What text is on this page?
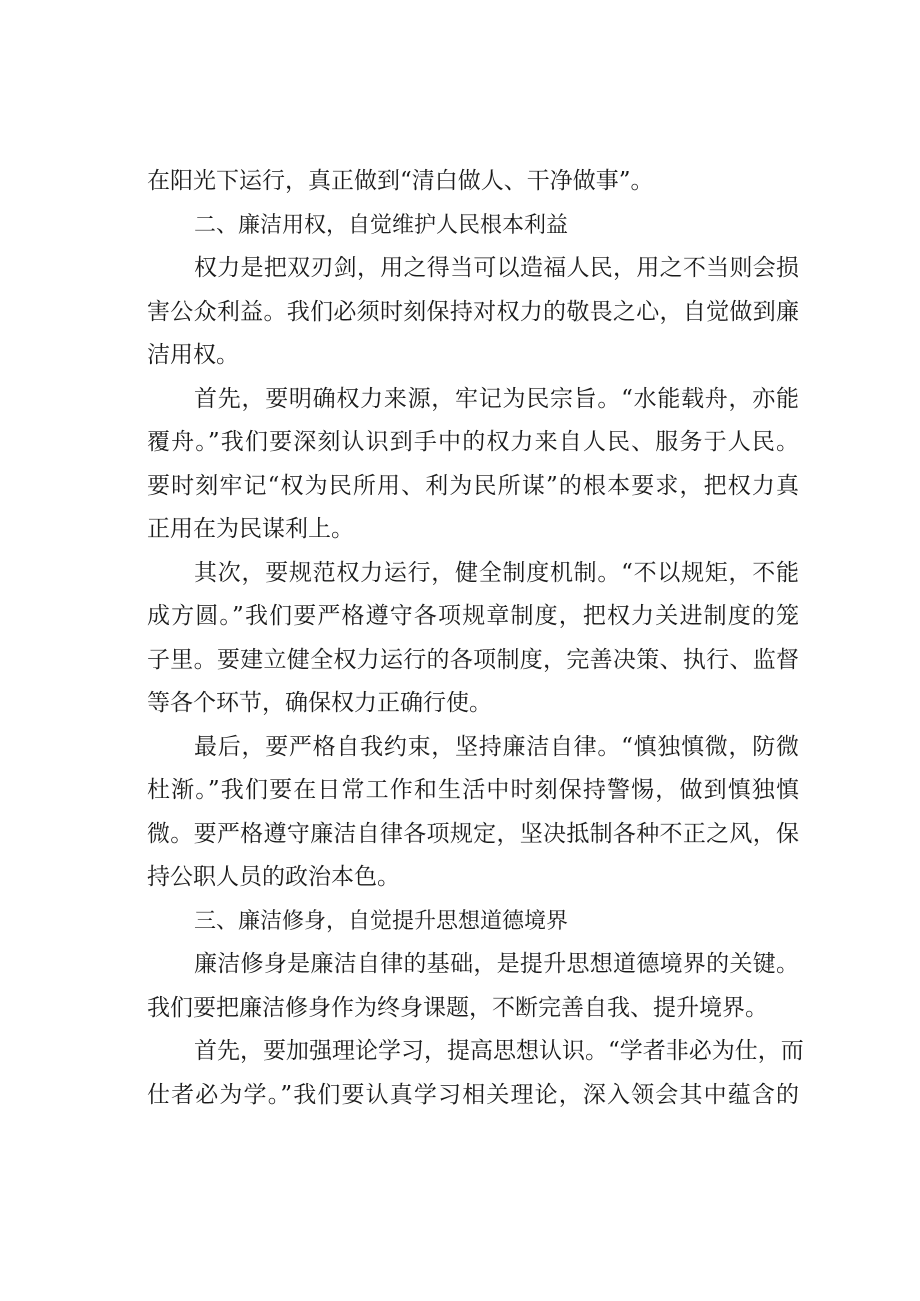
在阳光下运行，真正做到“清白做人、干净做事”。
二、廉洁用权，自觉维护人民根本利益
权力是把双刃剑，用之得当可以造福人民，用之不当则会损
害公众利益。我们必须时刻保持对权力的敬畏之心，自觉做到廉
洁用权。
首先，要明确权力来源，牢记为民宗旨。“水能载舟，亦能
覆舟。”我们要深刻认识到手中的权力来自人民、服务于人民。
要时刻牢记“权为民所用、利为民所谋”的根本要求，把权力真
正用在为民谋利上。
其次，要规范权力运行，健全制度机制。“不以规矩，不能
成方圆。”我们要严格遵守各项规章制度，把权力关进制度的笼
子里。要建立健全权力运行的各项制度，完善决策、执行、监督
等各个环节，确保权力正确行使。
最后，要严格自我约束，坚持廉洁自律。“慎独慎微，防微
杜渐。”我们要在日常工作和生活中时刻保持警惕，做到慎独慎
微。要严格遵守廉洁自律各项规定，坚决抵制各种不正之风，保
持公职人员的政治本色。
三、廉洁修身，自觉提升思想道德境界
廉洁修身是廉洁自律的基础，是提升思想道德境界的关键。
我们要把廉洁修身作为终身课题，不断完善自我、提升境界。
首先，要加强理论学习，提高思想认识。“学者非必为仕，而
仕者必为学。”我们要认真学习相关理论，深入领会其中蕴含的
